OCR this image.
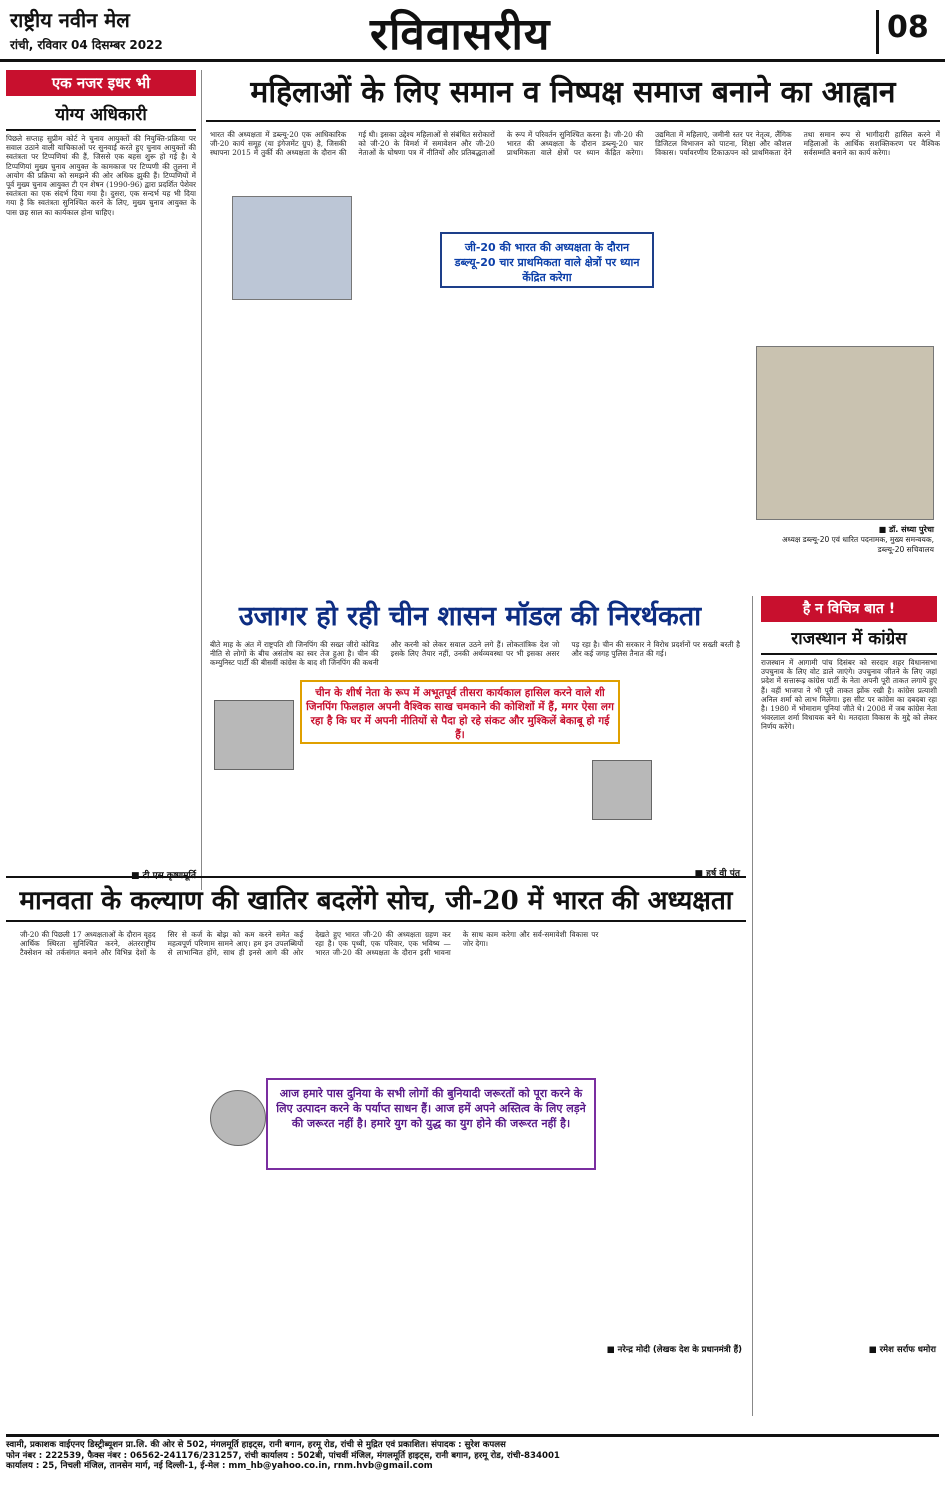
राष्ट्रीय नवीन मेल
रांची, रविवार 04 दिसम्बर 2022	रविवासरीय	08
एक नजर इधर भी
योग्य अधिकारी
पिछले सप्ताह सुप्रीम कोर्ट ने चुनाव आयुक्तों की नियुक्ति-प्रक्रिया पर सवाल उठाने वाली याचिकाओं पर सुनवाई करते हुए चुनाव आयुक्तों की स्वतंत्रता पर टिप्पणियां की हैं, जिससे एक बहस शुरू हो गई है। ये टिप्पणियां मुख्य चुनाव आयुक्त के कामकाज पर टिप्पणी की तुलना में आयोग की प्रक्रिया को समझने की ओर अधिक झुकी हैं। टिप्पणियों में पूर्व मुख्य चुनाव आयुक्त टी एन शेषन (1990-96) द्वारा प्रदर्शित पेशेवर स्वतंत्रता का एक संदर्भ दिया गया है। दुसरा, एक सन्दर्भ यह भी दिया गया है कि स्वतंत्रता सुनिश्चित करने के लिए, मुख्य चुनाव आयुक्त के पास छह साल का कार्यकाल होना चाहिए।
■ टी एस कृष्णमूर्ति
महिलाओं के लिए समान व निष्पक्ष समाज बनाने का आह्वान
भारत की अध्यक्षता में डब्ल्यू-20 एक आधिकारिक जी-20 कार्य समूह (या इंगेजमेंट ग्रुप) है, जिसकी स्थापना 2015 में तुर्की की अध्यक्षता के दौरान की गई थी। इसका उद्देश्य महिलाओं से संबंधित सरोकारों को जी-20 के विमर्श में समावेशन और जी-20 नेताओं के घोषणा पत्र में नीतियों और प्रतिबद्धताओं के रूप में परिवर्तन सुनिश्चित करना है। जी-20 की भारत की अध्यक्षता के दौरान डब्ल्यू-20 चार प्राथमिकता वाले क्षेत्रों पर ध्यान केंद्रित करेगा। उद्यमिता में महिलाएं, जमीनी स्तर पर नेतृत्व, लैंगिक डिजिटल विभाजन को पाटना, शिक्षा और कौशल विकास। पर्यावरणीय टिकाऊपन को प्राथमिकता देने तथा समान रूप से भागीदारी हासिल करने में महिलाओं के आर्थिक सशक्तिकरण पर वैश्विक सर्वसम्मति बनाने का कार्य करेगा।
जी-20 की भारत की अध्यक्षता के दौरान डब्ल्यू-20 चार प्राथमिकता वाले क्षेत्रों पर ध्यान केंद्रित करेगा
■ डॉ. संध्या पुरेचा
अध्यक्ष डब्ल्यू-20 एवं धारित पदनामक, मुख्य समन्वयक, डब्ल्यू-20 सचिवालय
उजागर हो रही चीन शासन मॉडल की निरर्थकता
बीते माह के अंत में राष्ट्रपति शी जिनपिंग की सख्त जीरो कोविड नीति से लोगों के बीच असंतोष का स्वर तेज हुआ है। चीन की कम्युनिस्ट पार्टी की बीसवीं कांग्रेस के बाद शी जिनपिंग की कथनी और करनी को लेकर सवाल उठने लगे हैं। लोकतांत्रिक देश जो इसके लिए तैयार नहीं, उनकी अर्थव्यवस्था पर भी इसका असर पड़ रहा है। चीन की सरकार ने विरोध प्रदर्शनों पर सख्ती बरती है और कई जगह पुलिस तैनात की गई।
चीन के शीर्ष नेता के रूप में अभूतपूर्व तीसरा कार्यकाल हासिल करने वाले शी जिनपिंग फिलहाल अपनी वैश्विक साख चमकाने की कोशिशों में हैं, मगर ऐसा लग रहा है कि घर में अपनी नीतियों से पैदा हो रहे संकट और मुश्किलें बेकाबू हो गई हैं।
■ हर्ष वी पंत
है न विचित्र बात !
राजस्थान में कांग्रेस
राजस्थान में आगामी पांच दिसंबर को सरदार शहर विधानसभा उपचुनाव के लिए वोट डाले जाएंगे। उपचुनाव जीतने के लिए जहां प्रदेश में सत्तारूढ़ कांग्रेस पार्टी के नेता अपनी पूरी ताकत लगाये हुए हैं। वहीं भाजपा ने भी पूरी ताकत झोंक रखी है। कांग्रेस प्रत्याशी अनिल शर्मा को लाभ मिलेगा। इस सीट पर कांग्रेस का दबदबा रहा है। 1980 में भोमाराम पूनियां जीते थे। 2008 में जब कांग्रेस नेता भंवरलाल शर्मा विधायक बने थे। मतदाता विकास के मुद्दे को लेकर निर्णय करेंगे।
मानवता के कल्याण की खातिर बदलेंगे सोच, जी-20 में भारत की अध्यक्षता
जी-20 की पिछली 17 अध्यक्षताओं के दौरान वृहद आर्थिक स्थिरता सुनिश्चित करने, अंतरराष्ट्रीय टैक्सेशन को तर्कसंगत बनाने और विभिन्न देशों के सिर से कर्ज के बोझ को कम करने समेत कई महत्वपूर्ण परिणाम सामने आए। हम इन उपलब्धियों से लाभान्वित होंगे, साथ ही इनसे आगे की ओर देखते हुए भारत जी-20 की अध्यक्षता ग्रहण कर रहा है। एक पृथ्वी, एक परिवार, एक भविष्य — भारत जी-20 की अध्यक्षता के दौरान इसी भावना के साथ काम करेगा और सर्व-समावेशी विकास पर जोर देगा।
आज हमारे पास दुनिया के सभी लोगों की बुनियादी जरूरतों को पूरा करने के लिए उत्पादन करने के पर्याप्त साधन हैं। आज हमें अपने अस्तित्व के लिए लड़ने की जरूरत नहीं है। हमारे युग को युद्ध का युग होने की जरूरत नहीं है।
■ नरेन्द्र मोदी (लेखक देश के प्रधानमंत्री हैं)	■ रमेश सर्राफ धमोरा
स्वामी, प्रकाशक वाईएनए डिस्ट्रीब्यूशन प्रा.लि. की ओर से 502, मंगलमूर्ति हाइट्स, रानी बगान, हरमू रोड, रांची से मुद्रित एवं प्रकाशित। संपादक : सुरेश कपलस
फोन नंबर : 222539, फैक्स नंबर : 06562-241176/231257, रांची कार्यालय : 502बी, पांचवीं मंजिल, मंगलमूर्ति हाइट्स, रानी बगान, हरमू रोड, रांची-834001
कार्यालय : 25, निचली मंजिल, तानसेन मार्ग, नई दिल्ली-1, ई-मेल : mm_hb@yahoo.co.in, rnm.hvb@gmail.com
